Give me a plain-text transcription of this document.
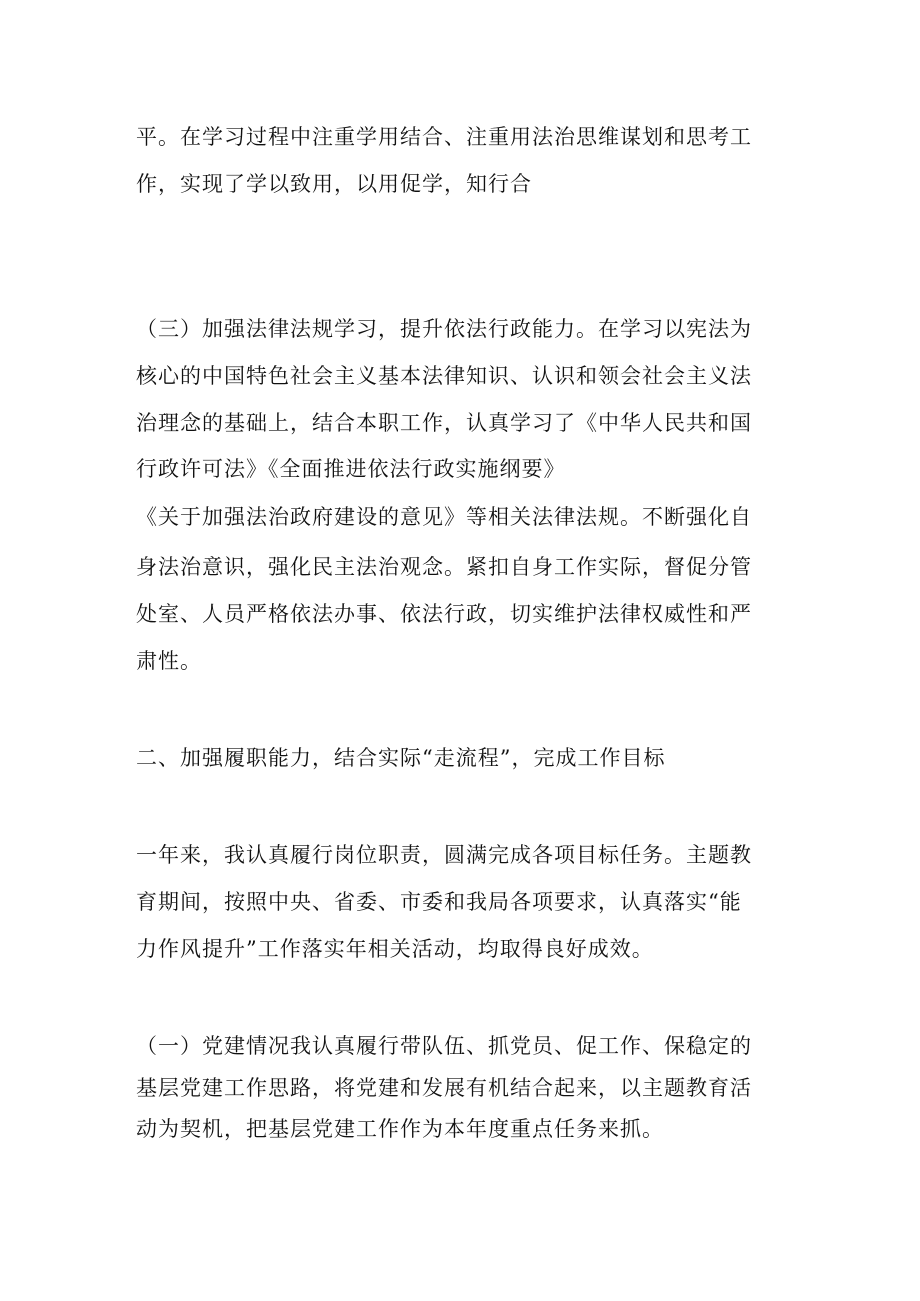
平。在学习过程中注重学用结合、注重用法治思维谋划和思考工
作，实现了学以致用，以用促学，知行合
（三）加强法律法规学习，提升依法行政能力。在学习以宪法为
核心的中国特色社会主义基本法律知识、认识和领会社会主义法
治理念的基础上，结合本职工作，认真学习了《中华人民共和国
行政许可法》《全面推进依法行政实施纲要》
《关于加强法治政府建设的意见》等相关法律法规。不断强化自
身法治意识，强化民主法治观念。紧扣自身工作实际，督促分管
处室、人员严格依法办事、依法行政，切实维护法律权威性和严
肃性。
二、加强履职能力，结合实际“走流程”，完成工作目标
一年来，我认真履行岗位职责，圆满完成各项目标任务。主题教
育期间，按照中央、省委、市委和我局各项要求，认真落实“能
力作风提升”工作落实年相关活动，均取得良好成效。
（一）党建情况我认真履行带队伍、抓党员、促工作、保稳定的
基层党建工作思路，将党建和发展有机结合起来，以主题教育活
动为契机，把基层党建工作作为本年度重点任务来抓。
